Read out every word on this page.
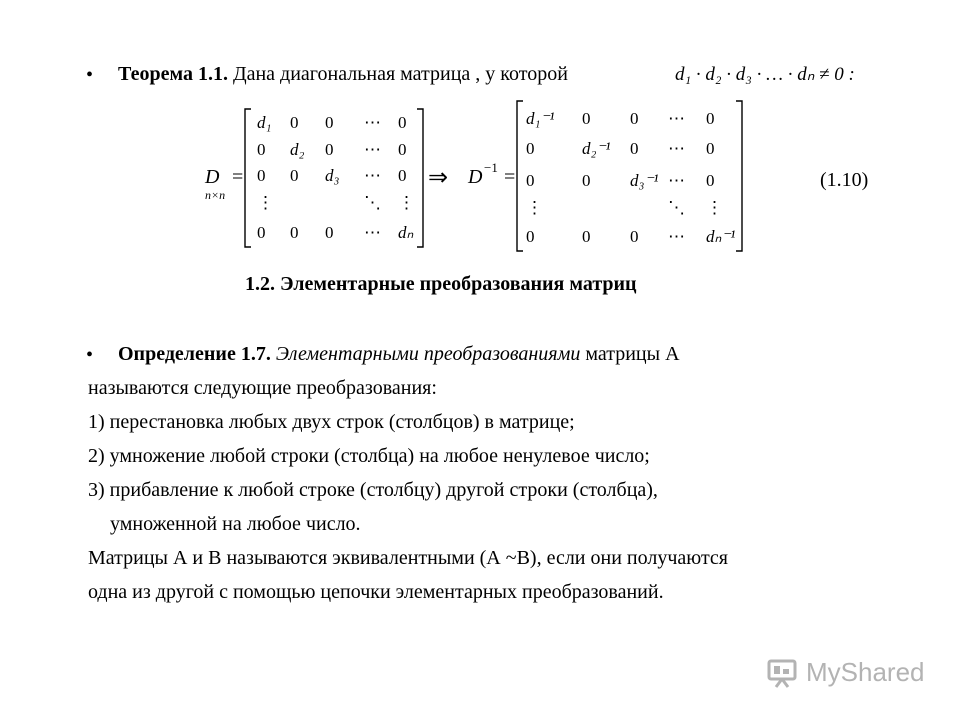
• Теорема 1.1. Дана диагональная матрица , у которой	d₁ · d₂ · d₃ · … · dₙ ≠ 0 :
D
n×n
=
d₁ 0 0 ⋯ 0
0 d₂ 0 ⋯ 0
0 0 d₃ ⋯ 0
⋮	⋱ ⋮
0 0 0 ⋯ dₙ
⇒ D −1 =
d₁⁻¹ 0 0 ⋯ 0
0	d₂⁻¹ 0 ⋯ 0
0	0 d₃⁻¹ ⋯ 0
⋮	⋱ ⋮
0	0 0 ⋯ dₙ⁻¹
(1.10)
1.2. Элементарные преобразования матриц
• Определение 1.7. Элементарными преобразованиями матрицы А
называются следующие преобразования:
1) перестановка любых двух строк (столбцов) в матрице;
2) умножение любой строки (столбца) на любое ненулевое число;
3) прибавление к любой строке (столбцу) другой строки (столбца),
умноженной на любое число.
Матрицы А и В называются эквивалентными (А ~В), если они получаются
одна из другой с помощью цепочки элементарных преобразований.
MyShared
